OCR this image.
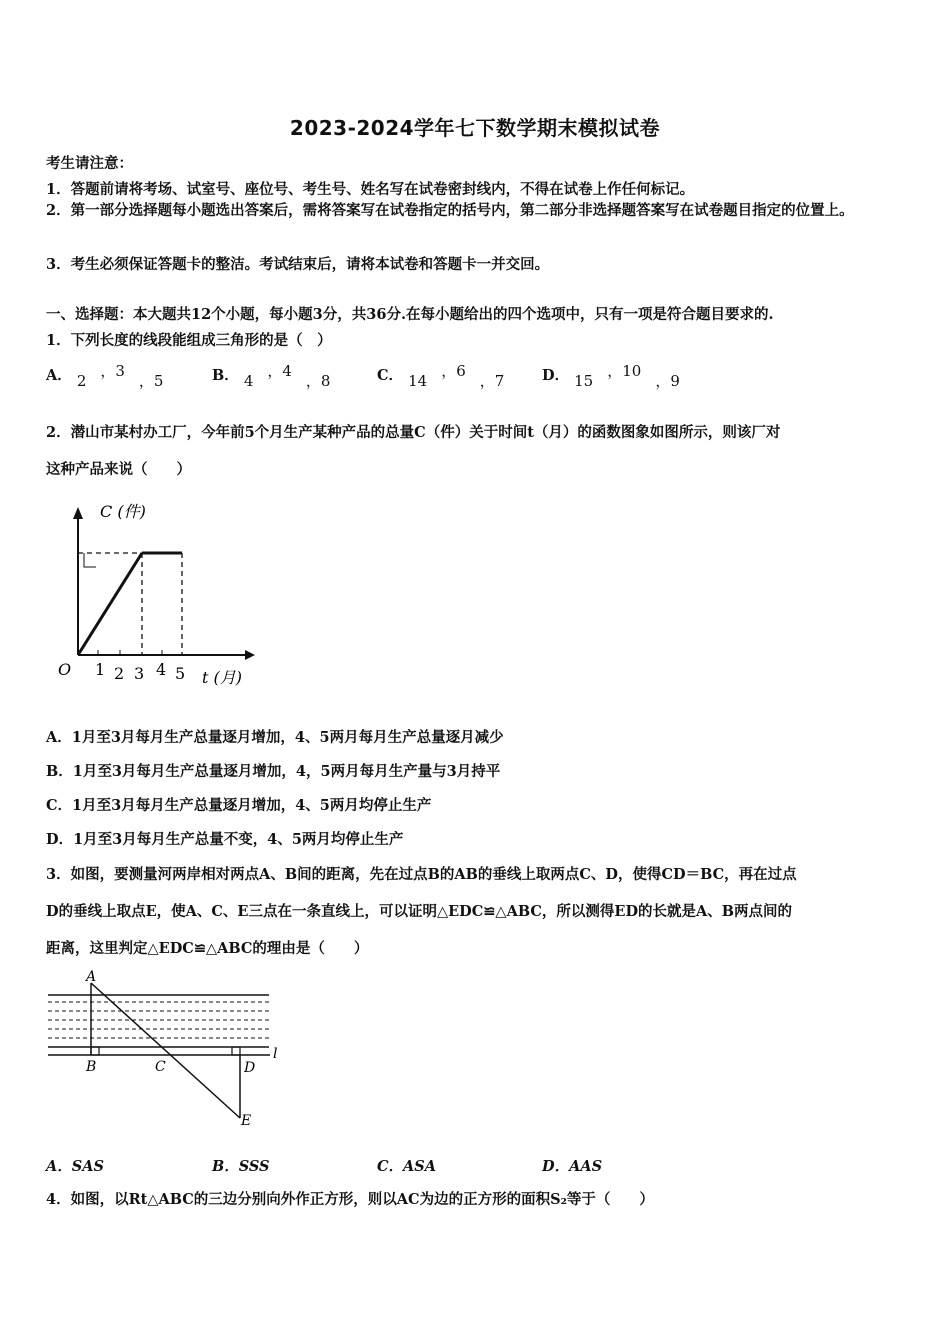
2023-2024学年七下数学期末模拟试卷
考生请注意：
1．答题前请将考场、试室号、座位号、考生号、姓名写在试卷密封线内，不得在试卷上作任何标记。
2．第一部分选择题每小题选出答案后，需将答案写在试卷指定的括号内，第二部分非选择题答案写在试卷题目指定的位置上。
3．考生必须保证答题卡的整洁。考试结束后，请将本试卷和答题卡一并交回。
一、选择题：本大题共12个小题，每小题3分，共36分.在每小题给出的四个选项中，只有一项是符合题目要求的.
1．下列长度的线段能组成三角形的是（　）
A． 2，3，5	B． 4，4，8	C． 14，6，7	D． 15，10，9
2．潜山市某村办工厂，今年前5个月生产某种产品的总量C（件）关于时间t（月）的函数图象如图所示，则该厂对
这种产品来说（　　）
C (件)
O 1 2 3 4 5 t (月)
A．1月至3月每月生产总量逐月增加，4、5两月每月生产总量逐月减少
B．1月至3月每月生产总量逐月增加，4，5两月每月生产量与3月持平
C．1月至3月每月生产总量逐月增加，4、5两月均停止生产
D．1月至3月每月生产总量不变，4、5两月均停止生产
3．如图，要测量河两岸相对两点A、B间的距离，先在过点B的AB的垂线上取两点C、D，使得CD＝BC，再在过点
D的垂线上取点E，使A、C、E三点在一条直线上，可以证明△EDC≌△ABC，所以测得ED的长就是A、B两点间的
距离，这里判定△EDC≌△ABC的理由是（　　）
A
B	C	D
E
l
A．SAS	B．SSS	C．ASA	D．AAS
4．如图，以Rt△ABC的三边分别向外作正方形，则以AC为边的正方形的面积S₂等于（　　）
